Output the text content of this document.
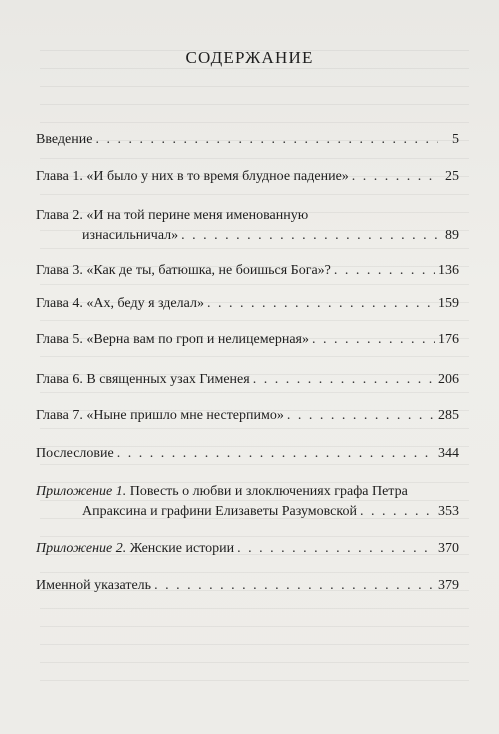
СОДЕРЖАНИЕ
Введение . . .	5
Глава 1. «И было у них в то время блудное падение» . . .	25
Глава 2. «И на той перине меня именованную
изнасильничал» . . .	89
Глава 3. «Как де ты, батюшка, не боишься Бога»? . . .	136
Глава 4. «Ах, беду я зделал» . . .	159
Глава 5. «Верна вам по гроп и нелицемерная» . . .	176
Глава 6. В священных узах Гименея . . .	206
Глава 7. «Ныне пришло мне нестерпимо» . . .	285
Послесловие . . .	344
Приложение 1. Повесть о любви и злоключениях графа Петра
Апраксина и графини Елизаветы Разумовской . . .	353
Приложение 2. Женские истории . . .	370
Именной указатель . . .	379
